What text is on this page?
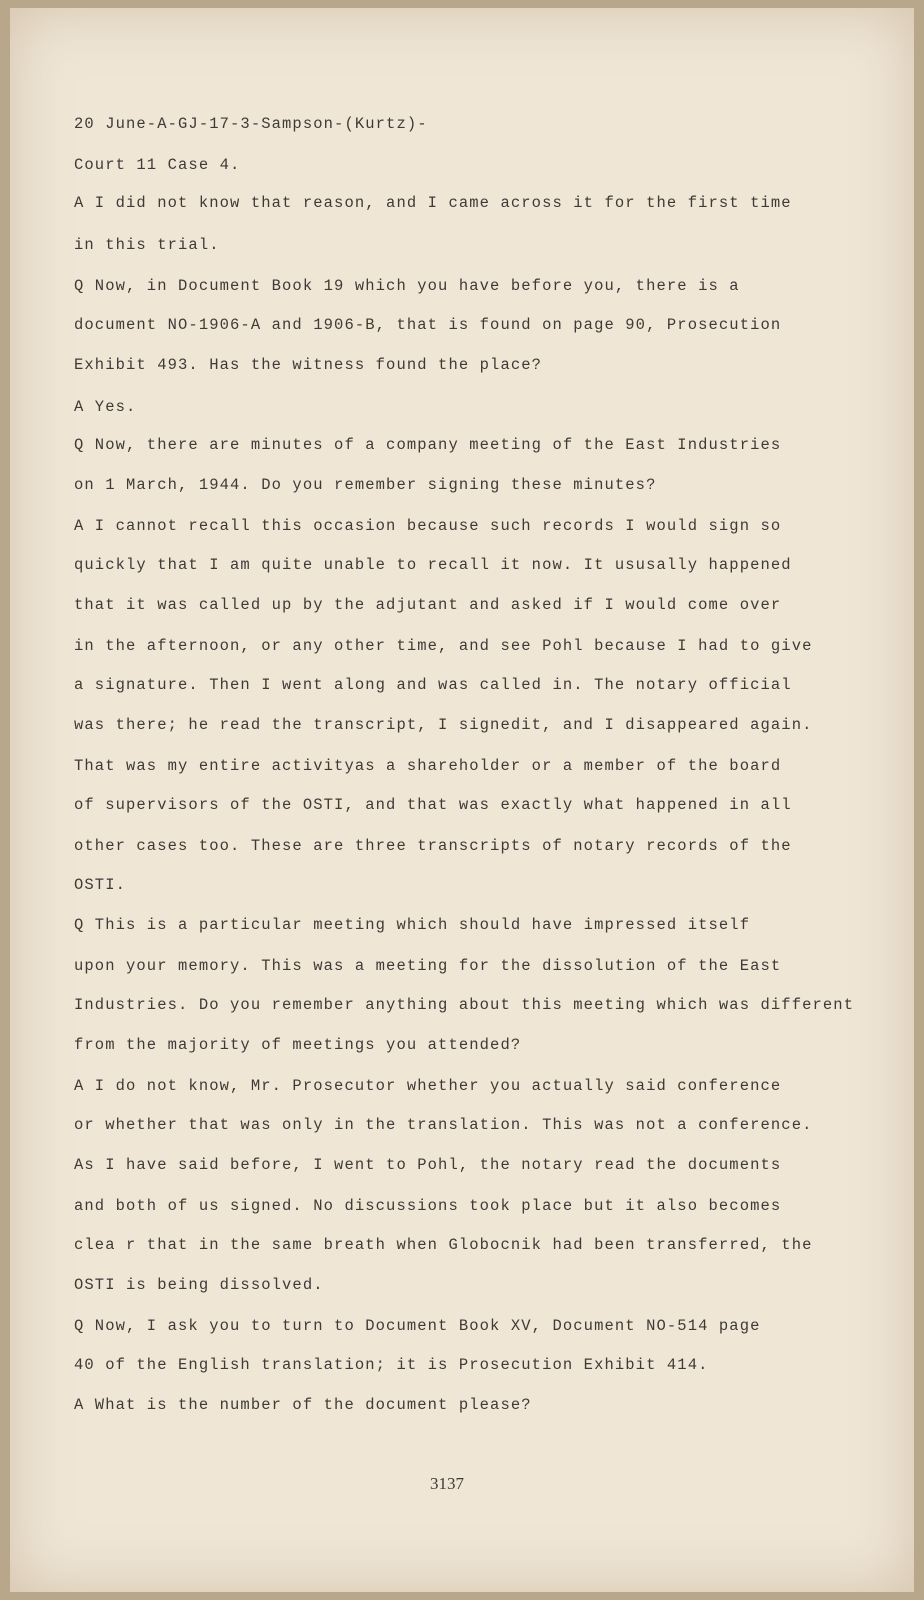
20 June-A-GJ-17-3-Sampson-(Kurtz)-
Court 11 Case 4.
A I did not know that reason, and I came across it for the first time
in this trial.
Q Now, in Document Book 19 which you have before you, there is a
document NO-1906-A and 1906-B, that is found on page 90, Prosecution
Exhibit 493. Has the witness found the place?
A Yes.
Q Now, there are minutes of a company meeting of the East Industries
on 1 March, 1944. Do you remember signing these minutes?
A I cannot recall this occasion because such records I would sign so
quickly that I am quite unable to recall it now. It ususally happened
that it was called up by the adjutant and asked if I would come over
in the afternoon, or any other time, and see Pohl because I had to give
a signature. Then I went along and was called in. The notary official
was there; he read the transcript, I signedit, and I disappeared again.
That was my entire activityas a shareholder or a member of the board
of supervisors of the OSTI, and that was exactly what happened in all
other cases too. These are three transcripts of notary records of the
OSTI.
Q This is a particular meeting which should have impressed itself
upon your memory. This was a meeting for the dissolution of the East
Industries. Do you remember anything about this meeting which was different
from the majority of meetings you attended?
A I do not know, Mr. Prosecutor whether you actually said conference
or whether that was only in the translation. This was not a conference.
As I have said before, I went to Pohl, the notary read the documents
and both of us signed. No discussions took place but it also becomes
clea r that in the same breath when Globocnik had been transferred, the
OSTI is being dissolved.
Q Now, I ask you to turn to Document Book XV, Document NO-514 page
40 of the English translation; it is Prosecution Exhibit 414.
A What is the number of the document please?
3137
